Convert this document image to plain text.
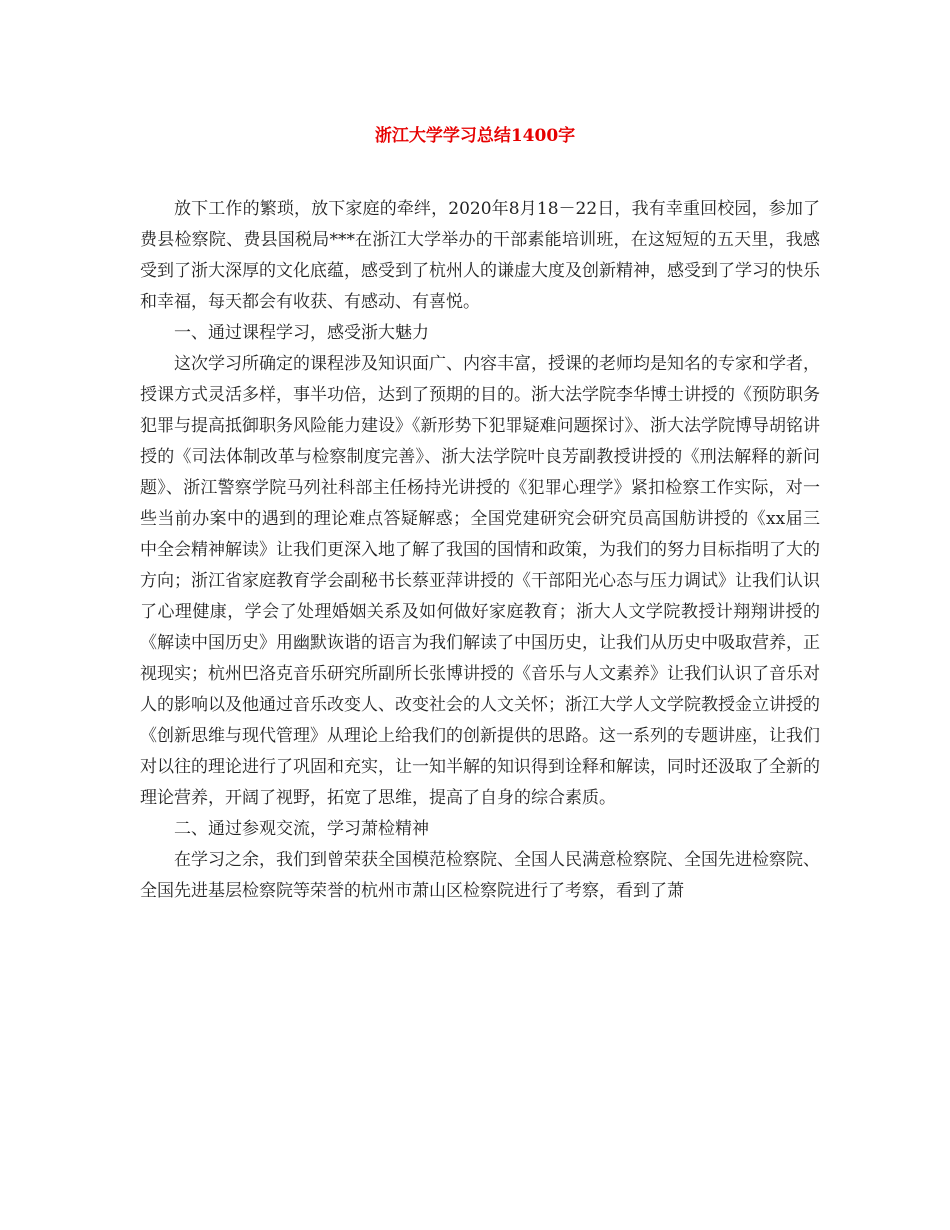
浙江大学学习总结1400字

放下工作的繁琐，放下家庭的牵绊，2020年8月18－22日，我有幸重回校园，参加了费县检察院、费县国税局***在浙江大学举办的干部素能培训班，在这短短的五天里，我感受到了浙大深厚的文化底蕴，感受到了杭州人的谦虚大度及创新精神，感受到了学习的快乐和幸福，每天都会有收获、有感动、有喜悦。

一、通过课程学习，感受浙大魅力

这次学习所确定的课程涉及知识面广、内容丰富，授课的老师均是知名的专家和学者，授课方式灵活多样，事半功倍，达到了预期的目的。浙大法学院李华博士讲授的《预防职务犯罪与提高抵御职务风险能力建设》《新形势下犯罪疑难问题探讨》、浙大法学院博导胡铭讲授的《司法体制改革与检察制度完善》、浙大法学院叶良芳副教授讲授的《刑法解释的新问题》、浙江警察学院马列社科部主任杨持光讲授的《犯罪心理学》紧扣检察工作实际，对一些当前办案中的遇到的理论难点答疑解惑；全国党建研究会研究员高国舫讲授的《xx届三中全会精神解读》让我们更深入地了解了我国的国情和政策，为我们的努力目标指明了大的方向；浙江省家庭教育学会副秘书长蔡亚萍讲授的《干部阳光心态与压力调试》让我们认识了心理健康，学会了处理婚姻关系及如何做好家庭教育；浙大人文学院教授计翔翔讲授的《解读中国历史》用幽默诙谐的语言为我们解读了中国历史，让我们从历史中吸取营养，正视现实；杭州巴洛克音乐研究所副所长张博讲授的《音乐与人文素养》让我们认识了音乐对人的影响以及他通过音乐改变人、改变社会的人文关怀；浙江大学人文学院教授金立讲授的《创新思维与现代管理》从理论上给我们的创新提供的思路。这一系列的专题讲座，让我们对以往的理论进行了巩固和充实，让一知半解的知识得到诠释和解读，同时还汲取了全新的理论营养，开阔了视野，拓宽了思维，提高了自身的综合素质。

二、通过参观交流，学习萧检精神

在学习之余，我们到曾荣获全国模范检察院、全国人民满意检察院、全国先进检察院、全国先进基层检察院等荣誉的杭州市萧山区检察院进行了考察，看到了萧
